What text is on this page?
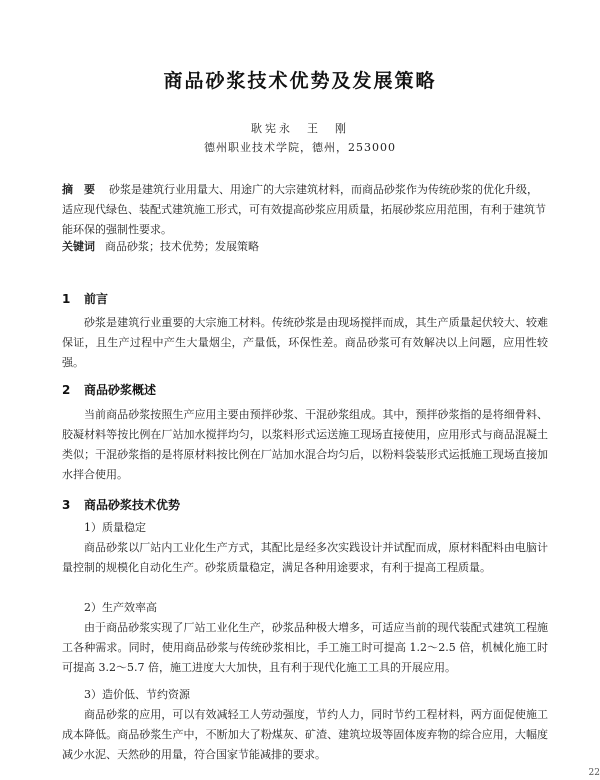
商品砂浆技术优势及发展策略
耿宪永　王　刚
德州职业技术学院，德州，253000
摘　要 砂浆是建筑行业用量大、用途广的大宗建筑材料，而商品砂浆作为传统砂浆的优化升级，适应现代绿色、装配式建筑施工形式，可有效提高砂浆应用质量，拓展砂浆应用范围，有利于建筑节能环保的强制性要求。
关键词 商品砂浆；技术优势；发展策略
1 前言
砂浆是建筑行业重要的大宗施工材料。传统砂浆是由现场搅拌而成，其生产质量起伏较大、较难保证，且生产过程中产生大量烟尘，产量低，环保性差。商品砂浆可有效解决以上问题，应用性较强。
2 商品砂浆概述
当前商品砂浆按照生产应用主要由预拌砂浆、干混砂浆组成。其中，预拌砂浆指的是将细骨料、胶凝材料等按比例在厂站加水搅拌均匀，以浆料形式运送施工现场直接使用，应用形式与商品混凝土类似；干混砂浆指的是将原材料按比例在厂站加水混合均匀后，以粉料袋装形式运抵施工现场直接加水拌合使用。
3 商品砂浆技术优势
1）质量稳定
商品砂浆以厂站内工业化生产方式，其配比是经多次实践设计并试配而成，原材料配料由电脑计量控制的规模化自动化生产。砂浆质量稳定，满足各种用途要求，有利于提高工程质量。
2）生产效率高
由于商品砂浆实现了厂站工业化生产，砂浆品种极大增多，可适应当前的现代装配式建筑工程施工各种需求。同时，使用商品砂浆与传统砂浆相比，手工施工时可提高 1.2～2.5 倍，机械化施工时可提高 3.2～5.7 倍，施工进度大大加快，且有利于现代化施工工具的开展应用。
3）造价低、节约资源
商品砂浆的应用，可以有效减轻工人劳动强度，节约人力，同时节约工程材料，两方面促使施工成本降低。商品砂浆生产中，不断加大了粉煤灰、矿渣、建筑垃圾等固体废弃物的综合应用，大幅度减少水泥、天然砂的用量，符合国家节能减排的要求。
22
